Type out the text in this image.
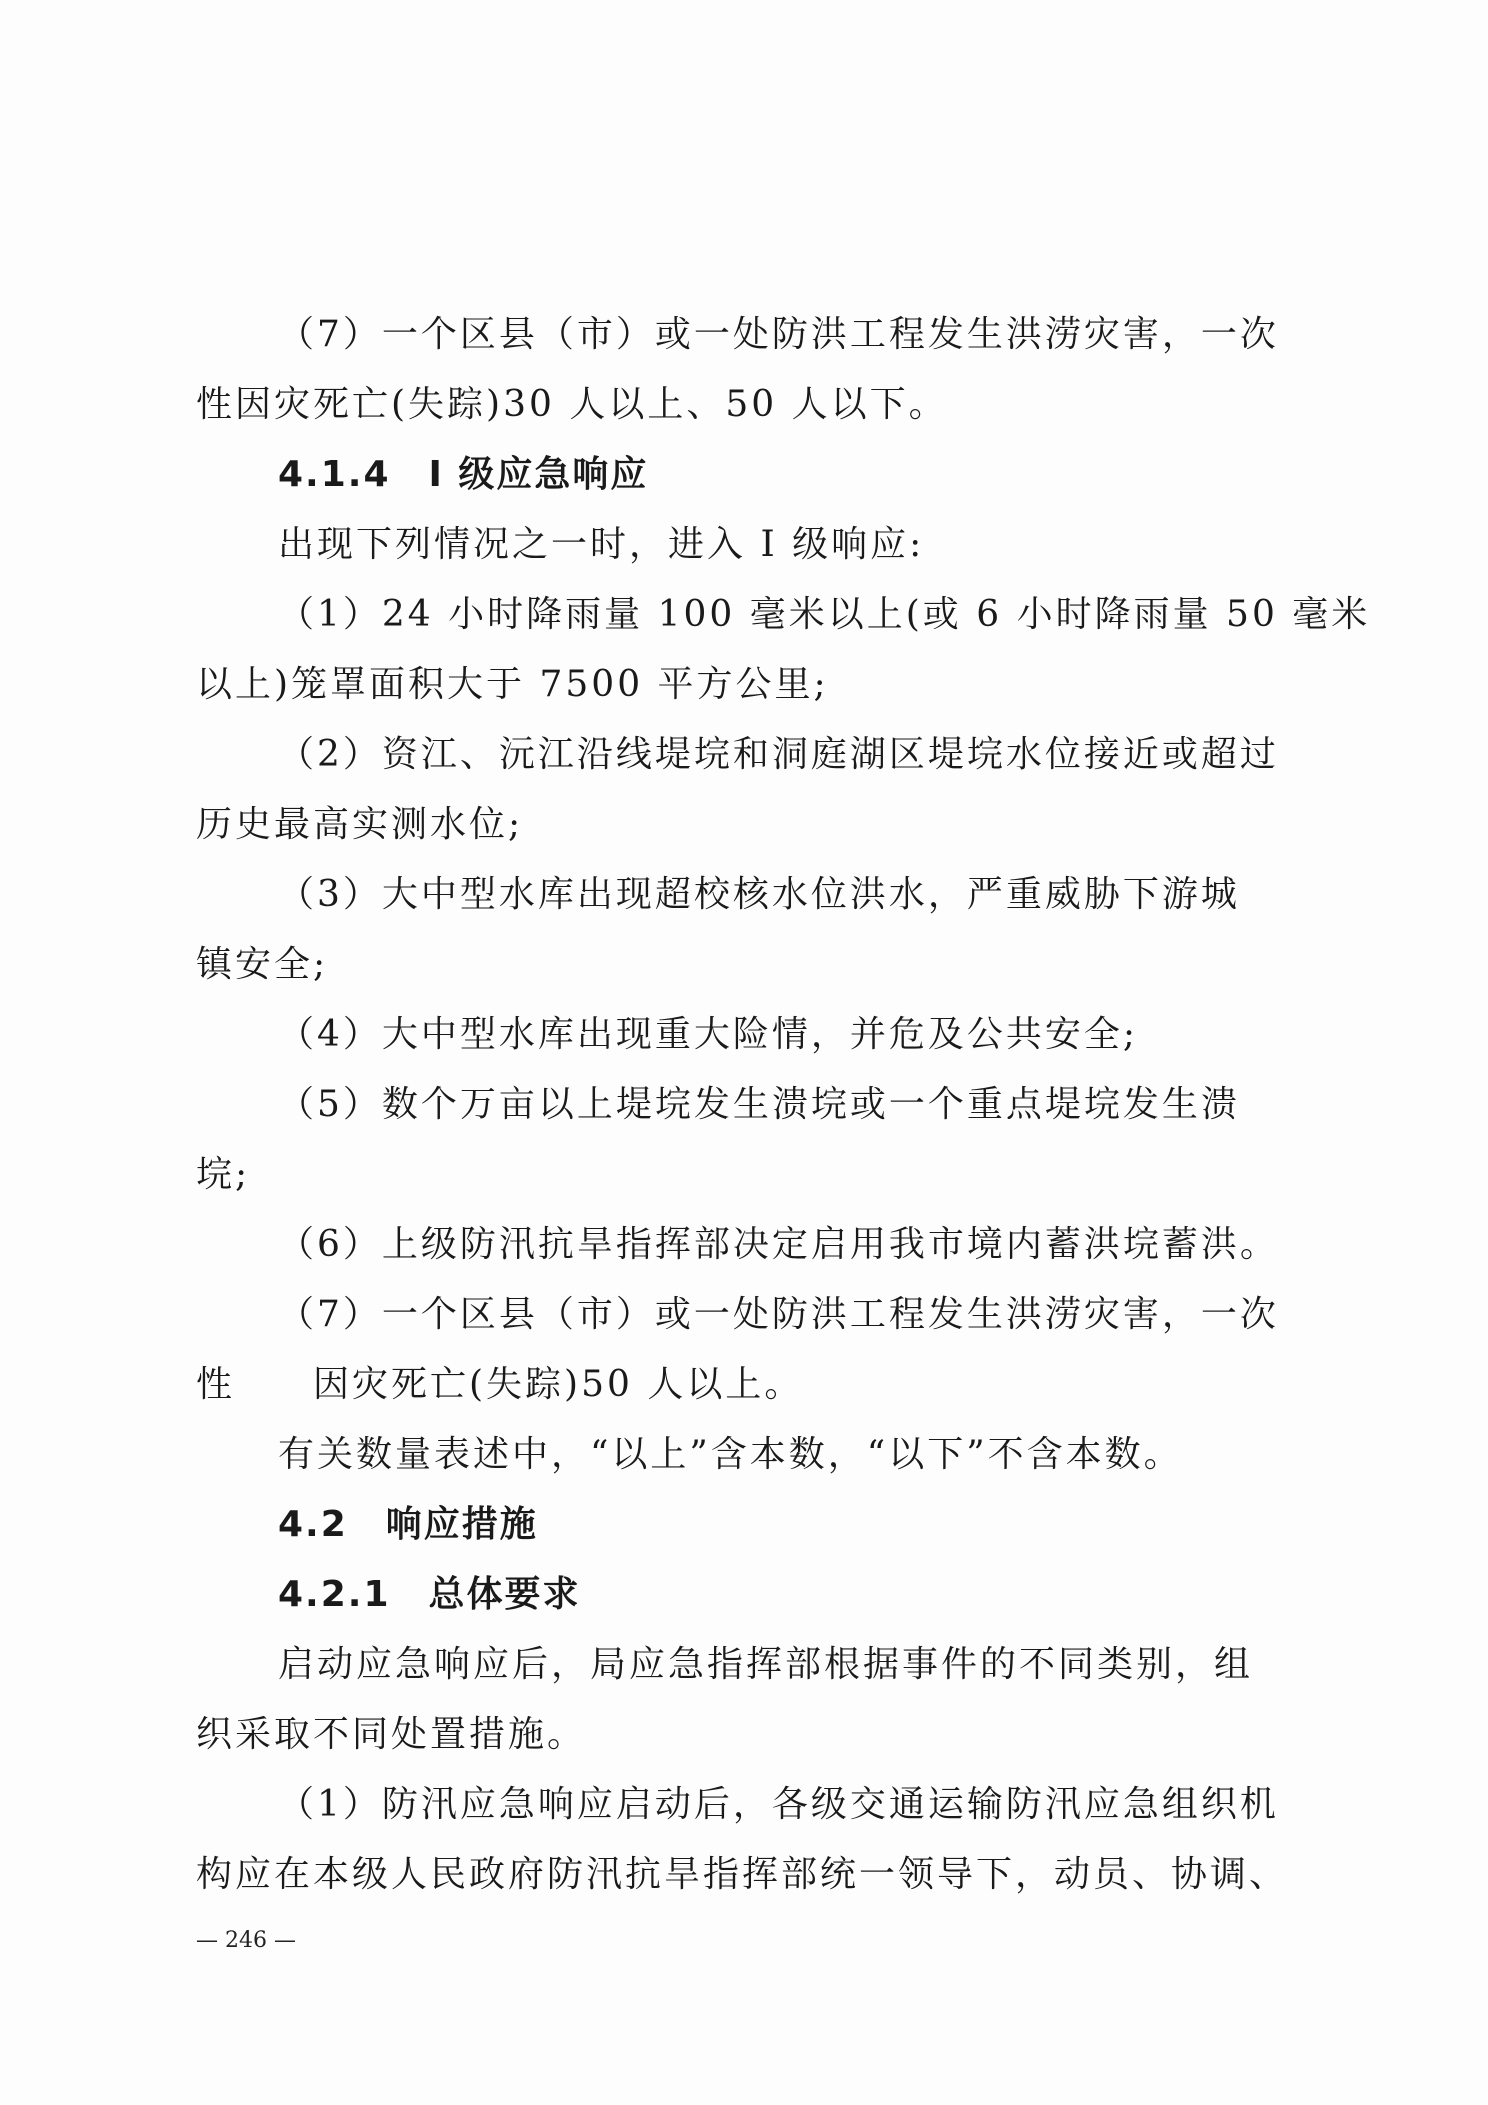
（7）一个区县（市）或一处防洪工程发生洪涝灾害，一次
性因灾死亡(失踪)30 人以上、50 人以下。
4.1.4　I 级应急响应
出现下列情况之一时，进入 I 级响应:
（1）24 小时降雨量 100 毫米以上(或 6 小时降雨量 50 毫米
以上)笼罩面积大于 7500 平方公里;
（2）资江、沅江沿线堤垸和洞庭湖区堤垸水位接近或超过
历史最高实测水位;
（3）大中型水库出现超校核水位洪水，严重威胁下游城
镇安全;
（4）大中型水库出现重大险情，并危及公共安全;
（5）数个万亩以上堤垸发生溃垸或一个重点堤垸发生溃
垸;
（6）上级防汛抗旱指挥部决定启用我市境内蓄洪垸蓄洪。
（7）一个区县（市）或一处防洪工程发生洪涝灾害，一次
性 因灾死亡(失踪)50 人以上。
有关数量表述中，“以上”含本数，“以下”不含本数。
4.2　响应措施
4.2.1　总体要求
启动应急响应后，局应急指挥部根据事件的不同类别，组
织采取不同处置措施。
（1）防汛应急响应启动后，各级交通运输防汛应急组织机
构应在本级人民政府防汛抗旱指挥部统一领导下，动员、协调、
— 246 —
